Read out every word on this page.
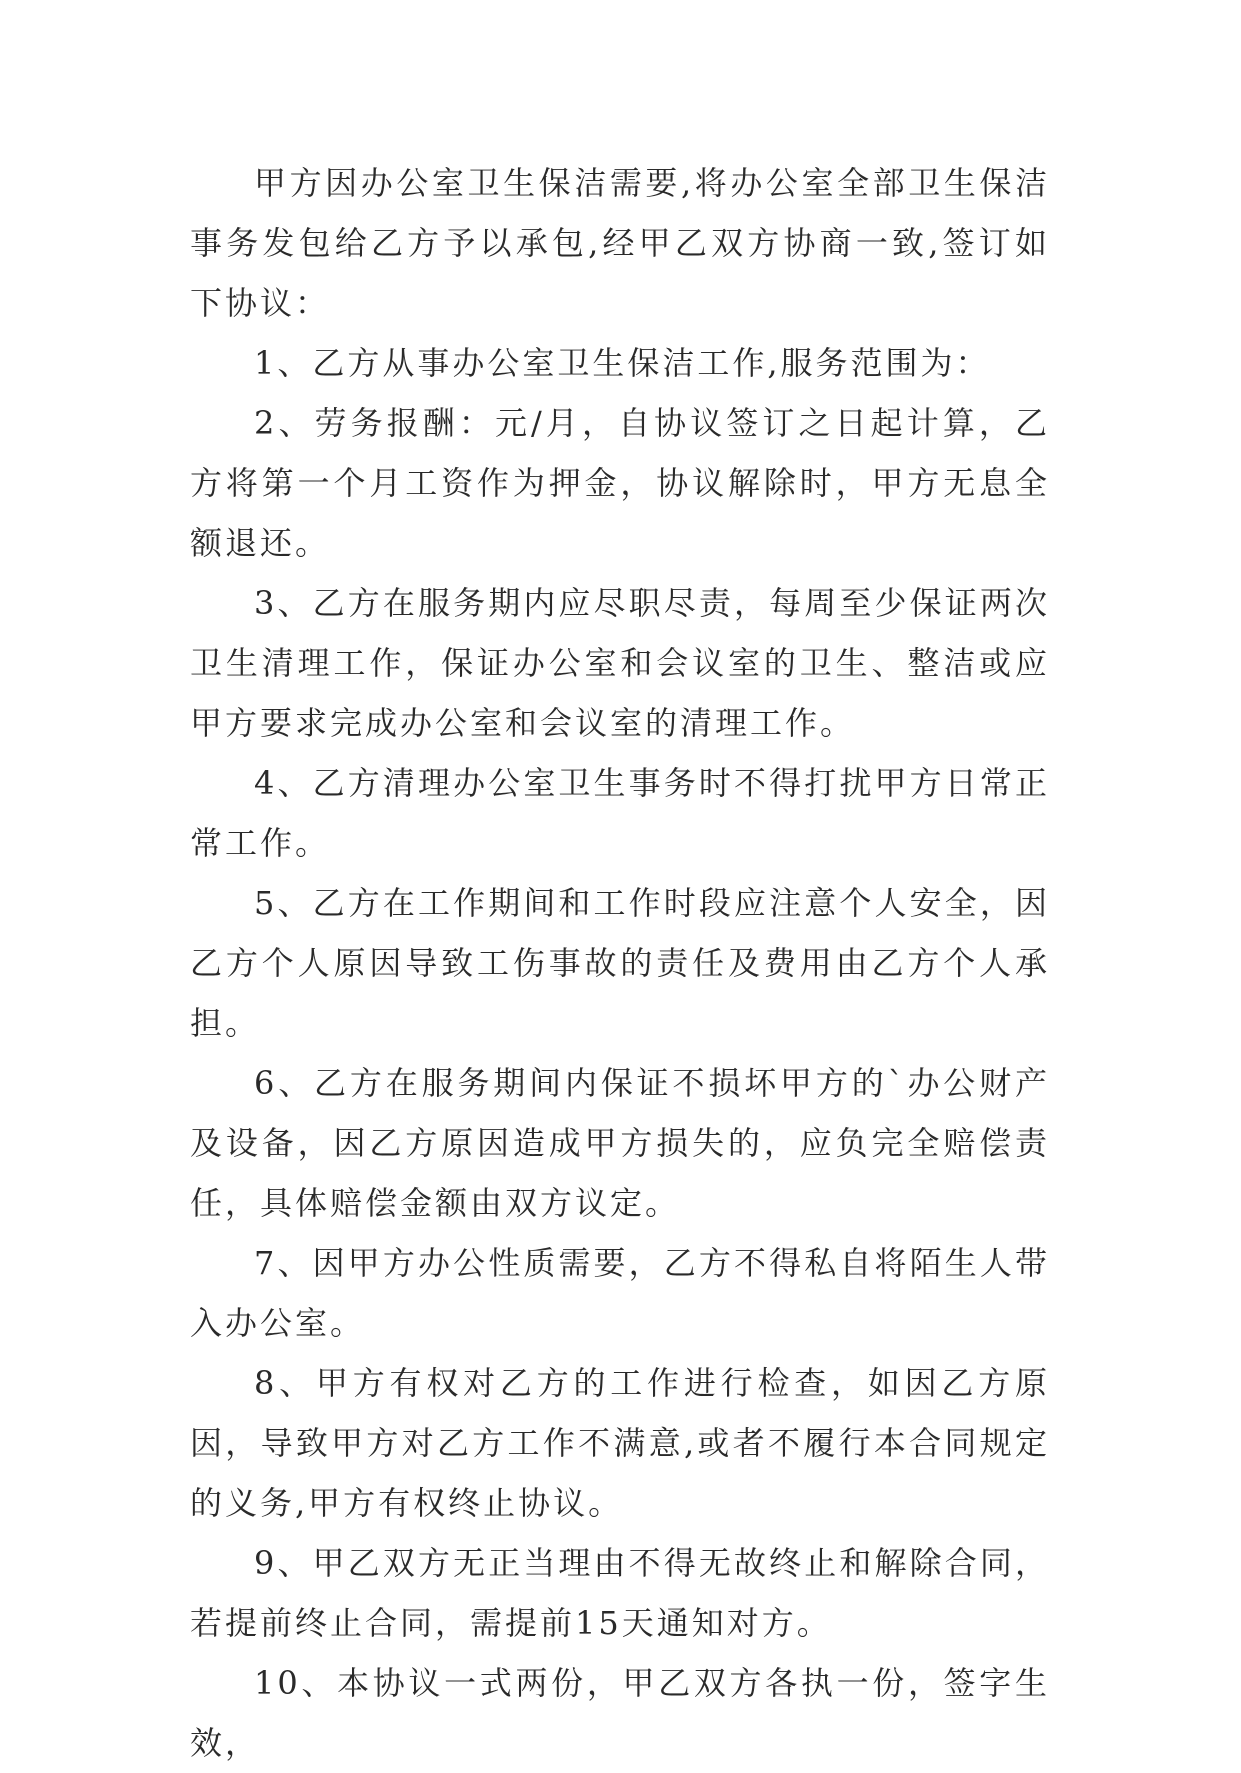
甲方因办公室卫生保洁需要,将办公室全部卫生保洁事务发包给乙方予以承包,经甲乙双方协商一致,签订如下协议：

1、乙方从事办公室卫生保洁工作,服务范围为：

2、劳务报酬：元/月，自协议签订之日起计算，乙方将第一个月工资作为押金，协议解除时，甲方无息全额退还。

3、乙方在服务期内应尽职尽责，每周至少保证两次卫生清理工作，保证办公室和会议室的卫生、整洁或应甲方要求完成办公室和会议室的清理工作。

4、乙方清理办公室卫生事务时不得打扰甲方日常正常工作。

5、乙方在工作期间和工作时段应注意个人安全，因乙方个人原因导致工伤事故的责任及费用由乙方个人承担。

6、乙方在服务期间内保证不损坏甲方的`办公财产及设备，因乙方原因造成甲方损失的，应负完全赔偿责任，具体赔偿金额由双方议定。

7、因甲方办公性质需要，乙方不得私自将陌生人带入办公室。

8、甲方有权对乙方的工作进行检查，如因乙方原因，导致甲方对乙方工作不满意,或者不履行本合同规定的义务,甲方有权终止协议。

9、甲乙双方无正当理由不得无故终止和解除合同，若提前终止合同，需提前15天通知对方。

10、本协议一式两份，甲乙双方各执一份，签字生效，
